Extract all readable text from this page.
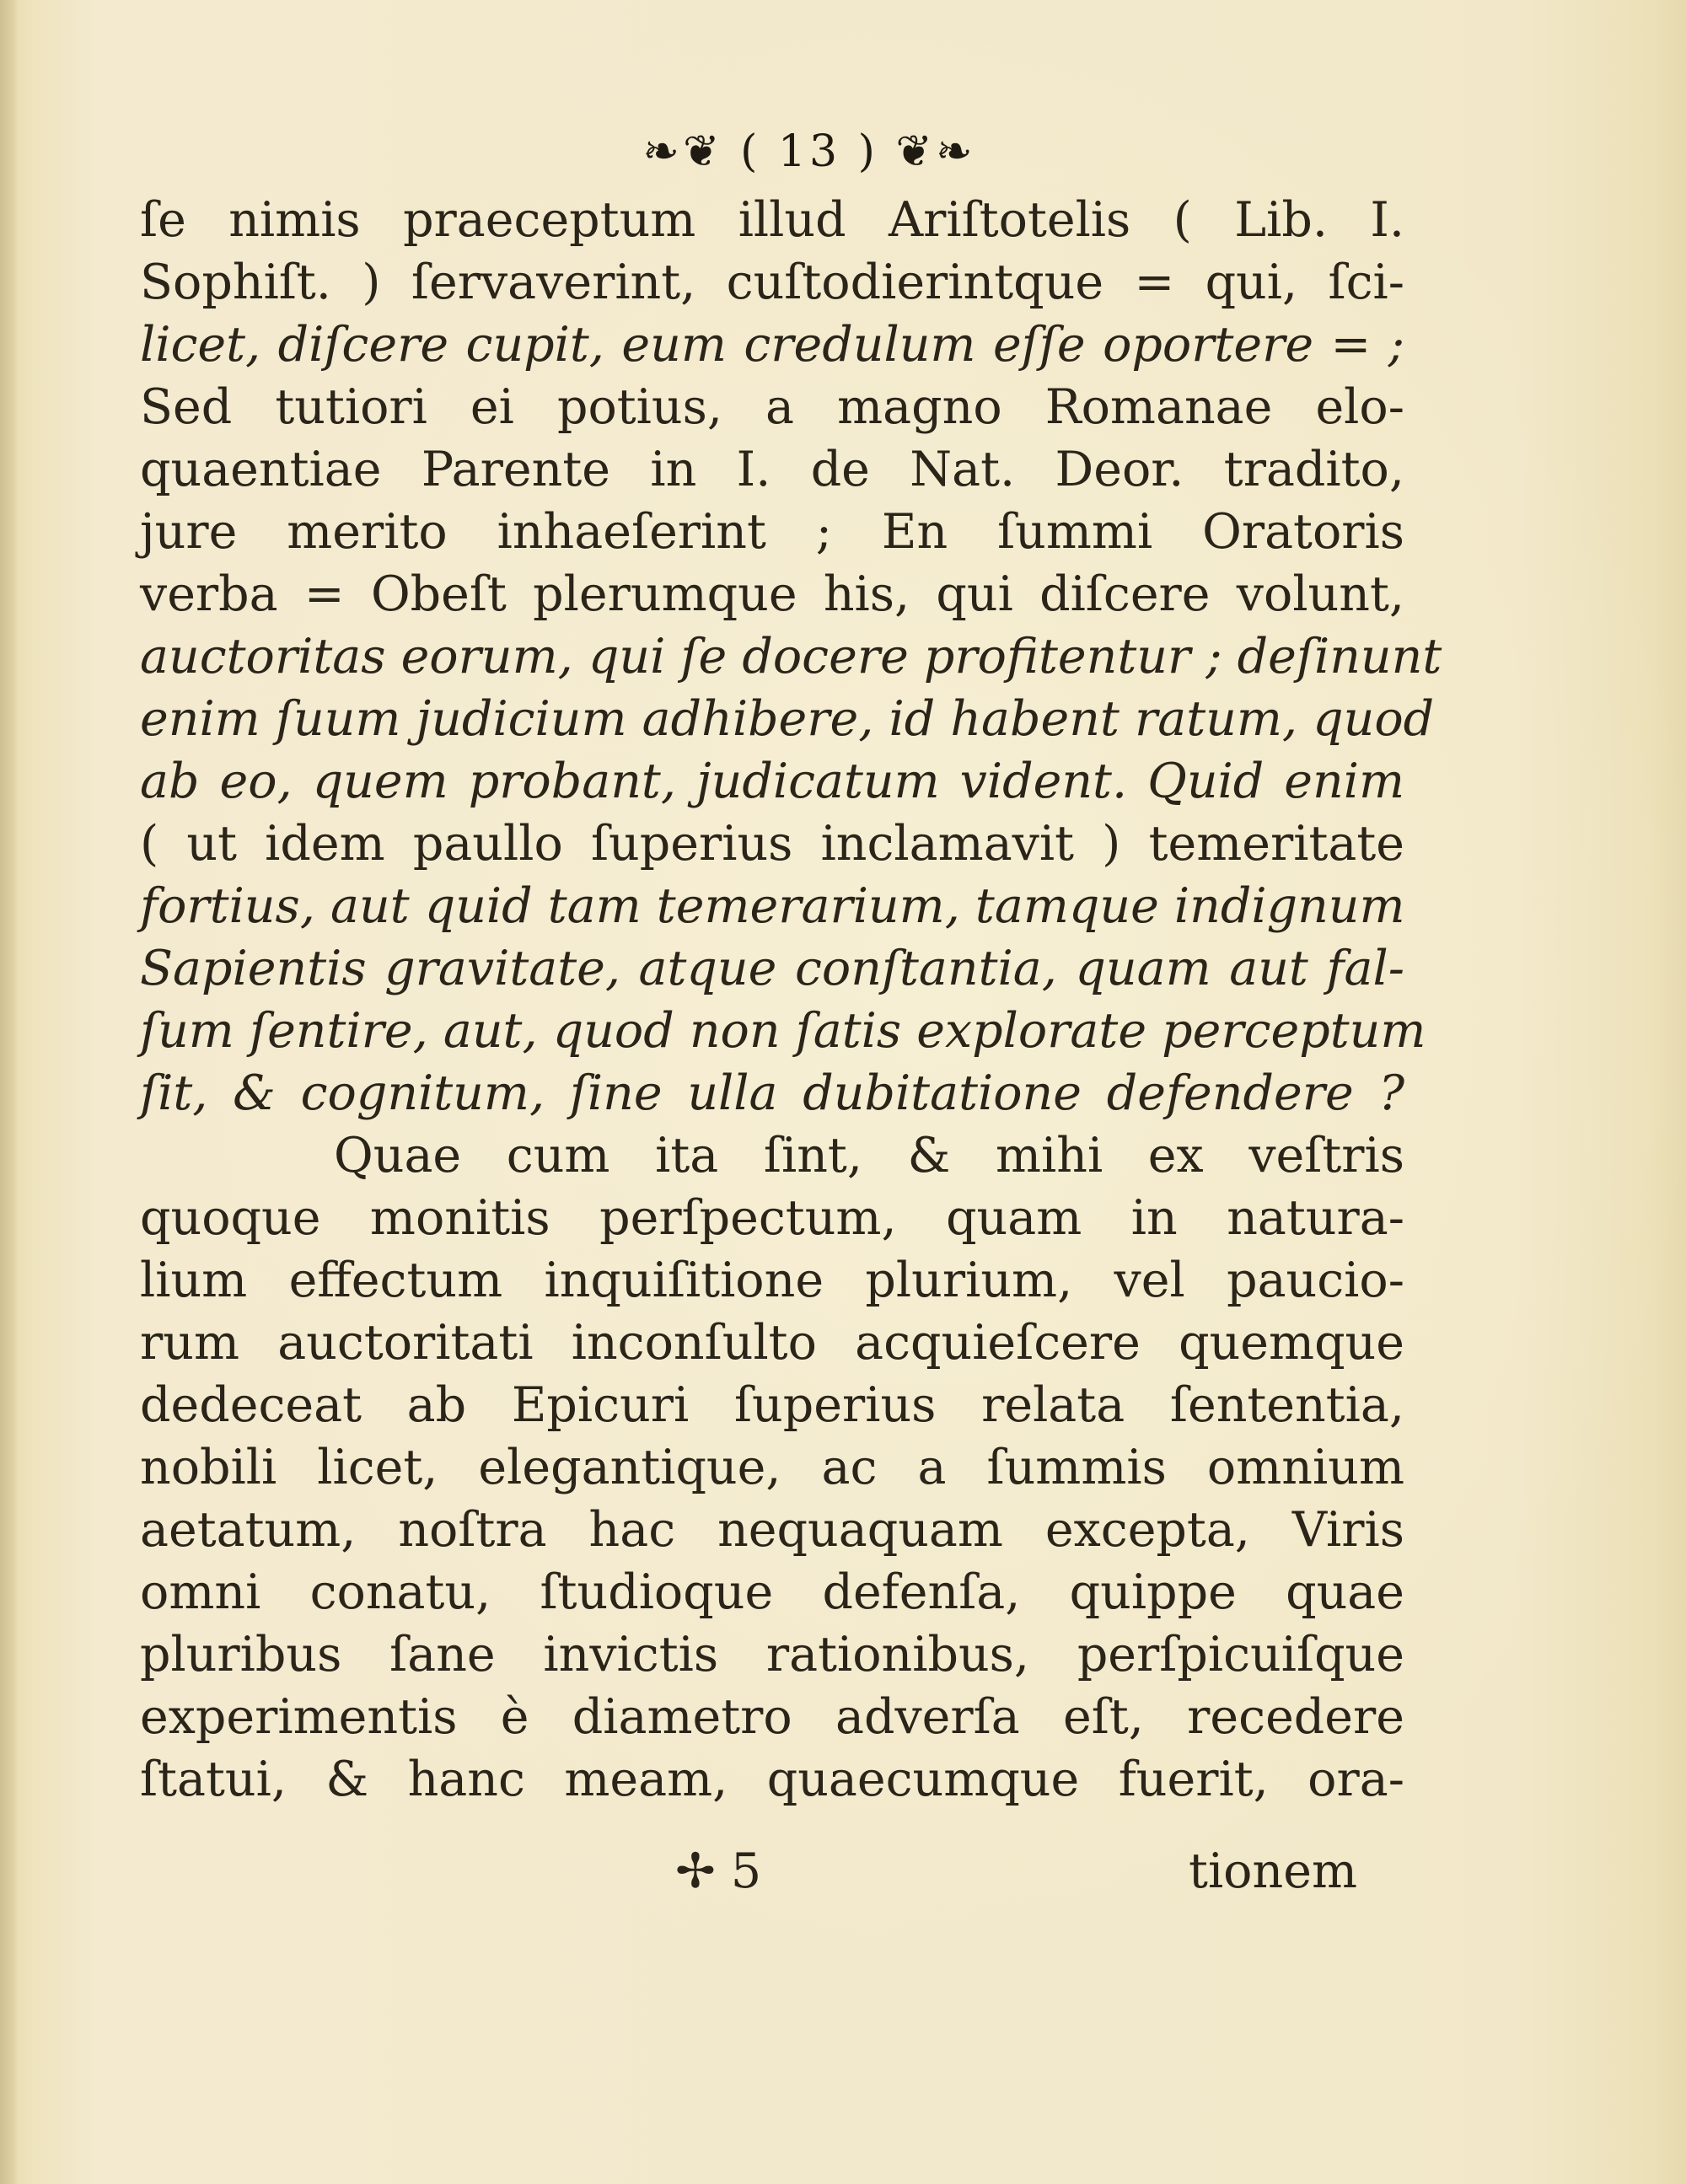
❧❦ ( 13 ) ❦❧
ſe nimis praeceptum illud Ariſtotelis ( Lib. I.
Sophiſt. ) ſervaverint, cuſtodierintque = qui, ſci-
licet, diſcere cupit, eum credulum eſſe oportere = ;
Sed tutiori ei potius, a magno Romanae elo-
quaentiae Parente in I. de Nat. Deor. tradito,
jure merito inhaeſerint ; En ſummi Oratoris
verba = Obeſt plerumque his, qui diſcere volunt,
auctoritas eorum, qui ſe docere profitentur ; deſinunt
enim ſuum judicium adhibere, id habent ratum, quod
ab eo, quem probant, judicatum vident. Quid enim
( ut idem paullo ſuperius inclamavit ) temeritate
fortius, aut quid tam temerarium, tamque indignum
Sapientis gravitate, atque conſtantia, quam aut fal-
ſum ſentire, aut, quod non ſatis explorate perceptum
ſit, & cognitum, ſine ulla dubitatione defendere ?
Quae cum ita ſint, & mihi ex veſtris
quoque monitis perſpectum, quam in natura-
lium effectum inquiſitione plurium, vel paucio-
rum auctoritati inconſulto acquieſcere quemque
dedeceat ab Epicuri ſuperius relata ſententia,
nobili licet, elegantique, ac a ſummis omnium
aetatum, noſtra hac nequaquam excepta, Viris
omni conatu, ſtudioque defenſa, quippe quae
pluribus ſane invictis rationibus, perſpicuiſque
experimentis è diametro adverſa eſt, recedere
ſtatui, & hanc meam, quaecumque fuerit, ora-
✢ 5	tionem
